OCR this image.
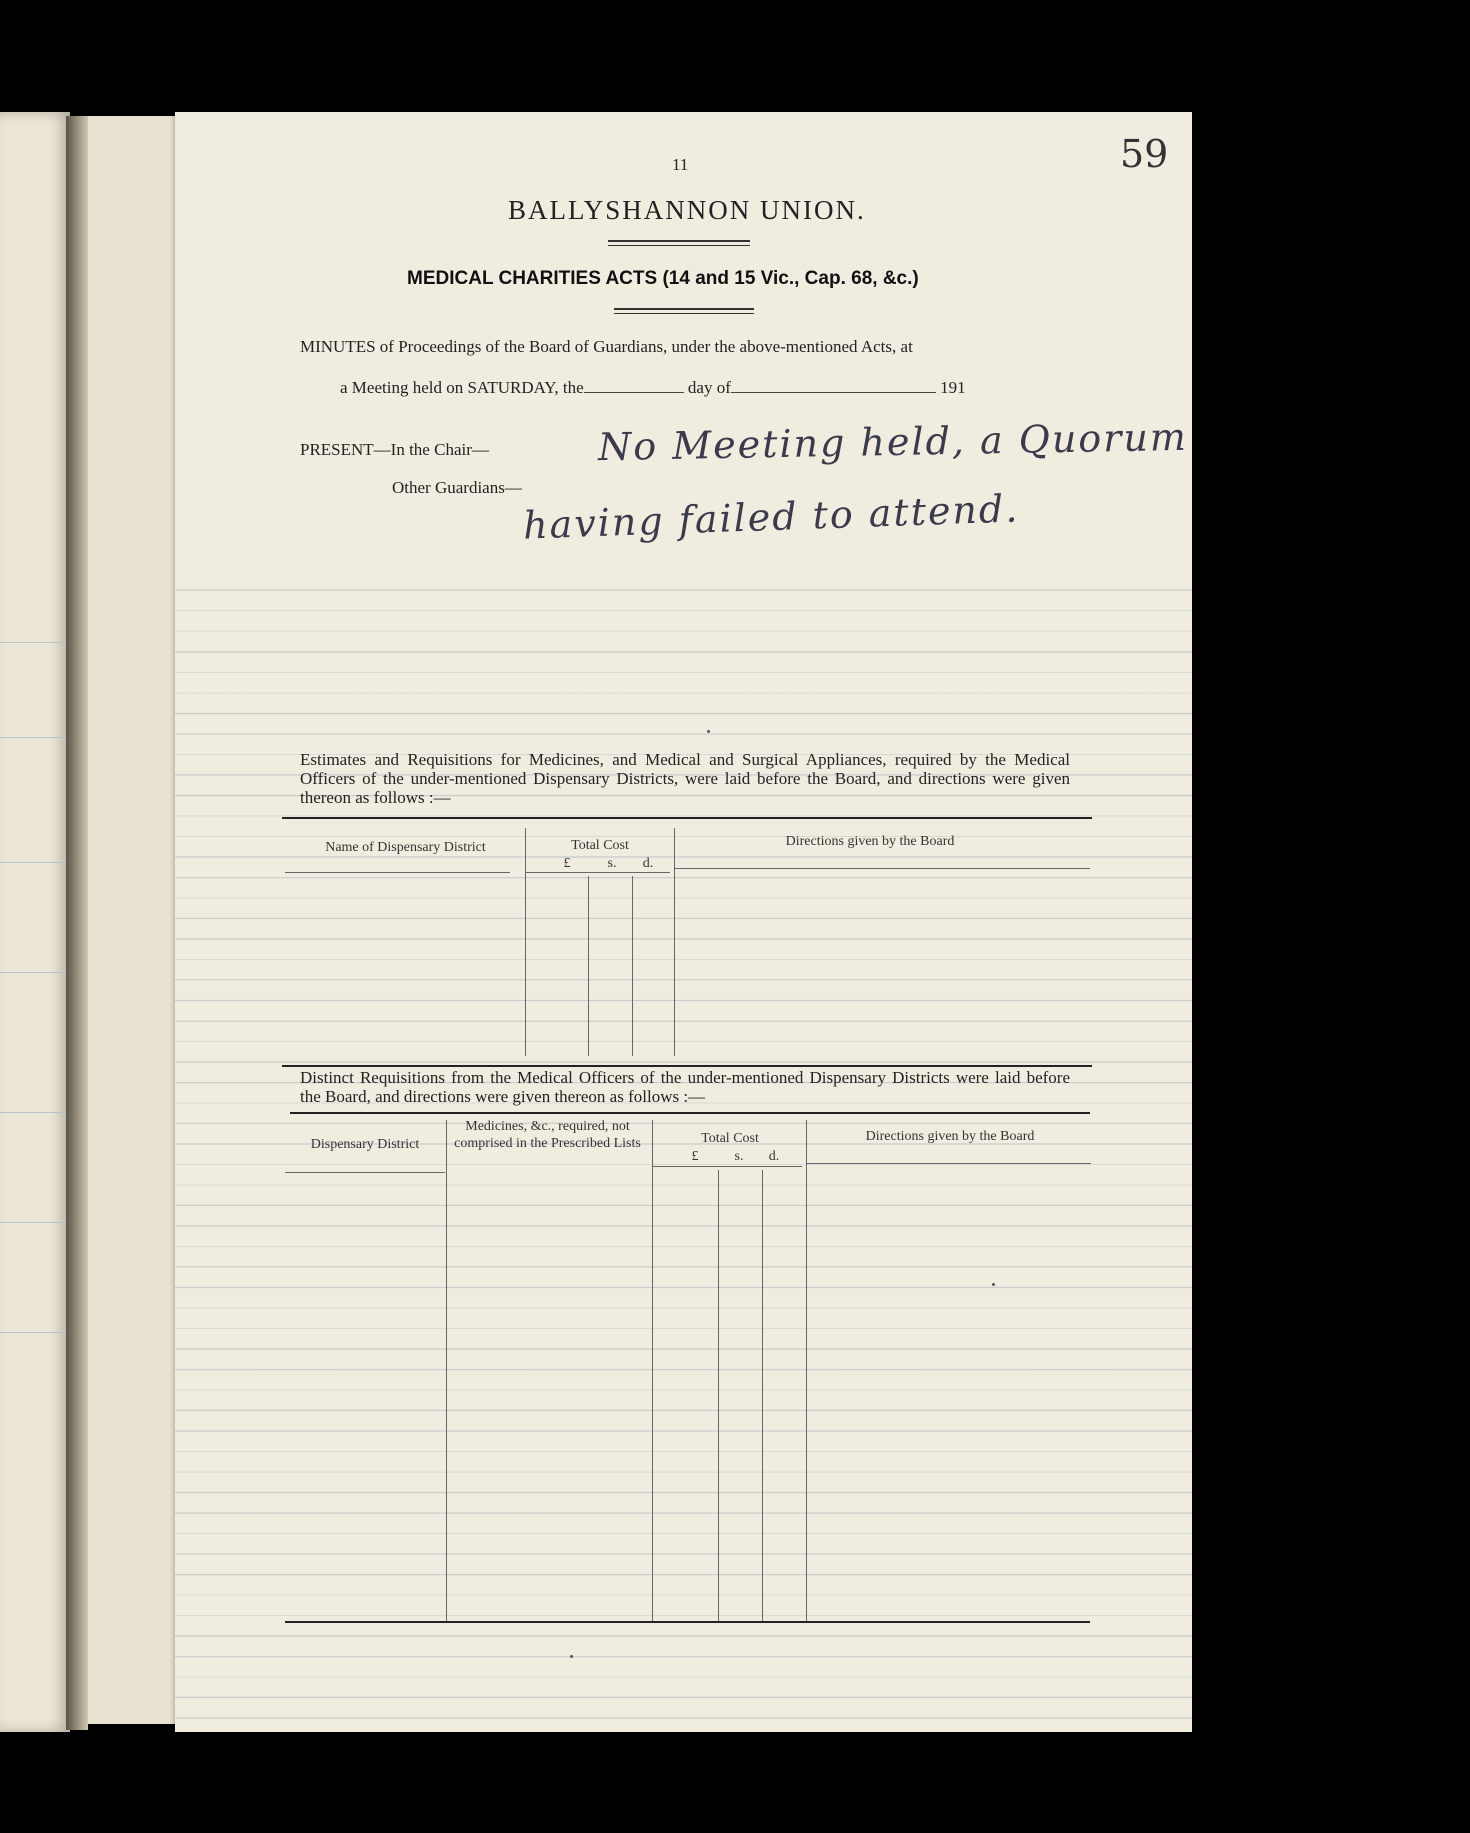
11	59
BALLYSHANNON UNION.
MEDICAL CHARITIES ACTS (14 and 15 Vic., Cap. 68, &c.)
MINUTES of Proceedings of the Board of Guardians, under the above-mentioned Acts, at
a Meeting held on SATURDAY, the	day of	191
PRESENT—In the Chair—
Other Guardians—
No Meeting held, a Quorum
having failed to attend.
Estimates and Requisitions for Medicines, and Medical and Surgical Appliances, required by the Medical Officers of the under-mentioned Dispensary Districts, were laid before the Board, and directions were given thereon as follows :—
Name of Dispensary District	Total Cost
£	s.	d.
Directions given by the Board
Distinct Requisitions from the Medical Officers of the under-mentioned Dispensary Districts were laid before the Board, and directions were given thereon as follows :—
Dispensary District
Medicines, &c., required, not comprised in the Prescribed Lists	Total Cost
£	s.	d.
Directions given by the Board
